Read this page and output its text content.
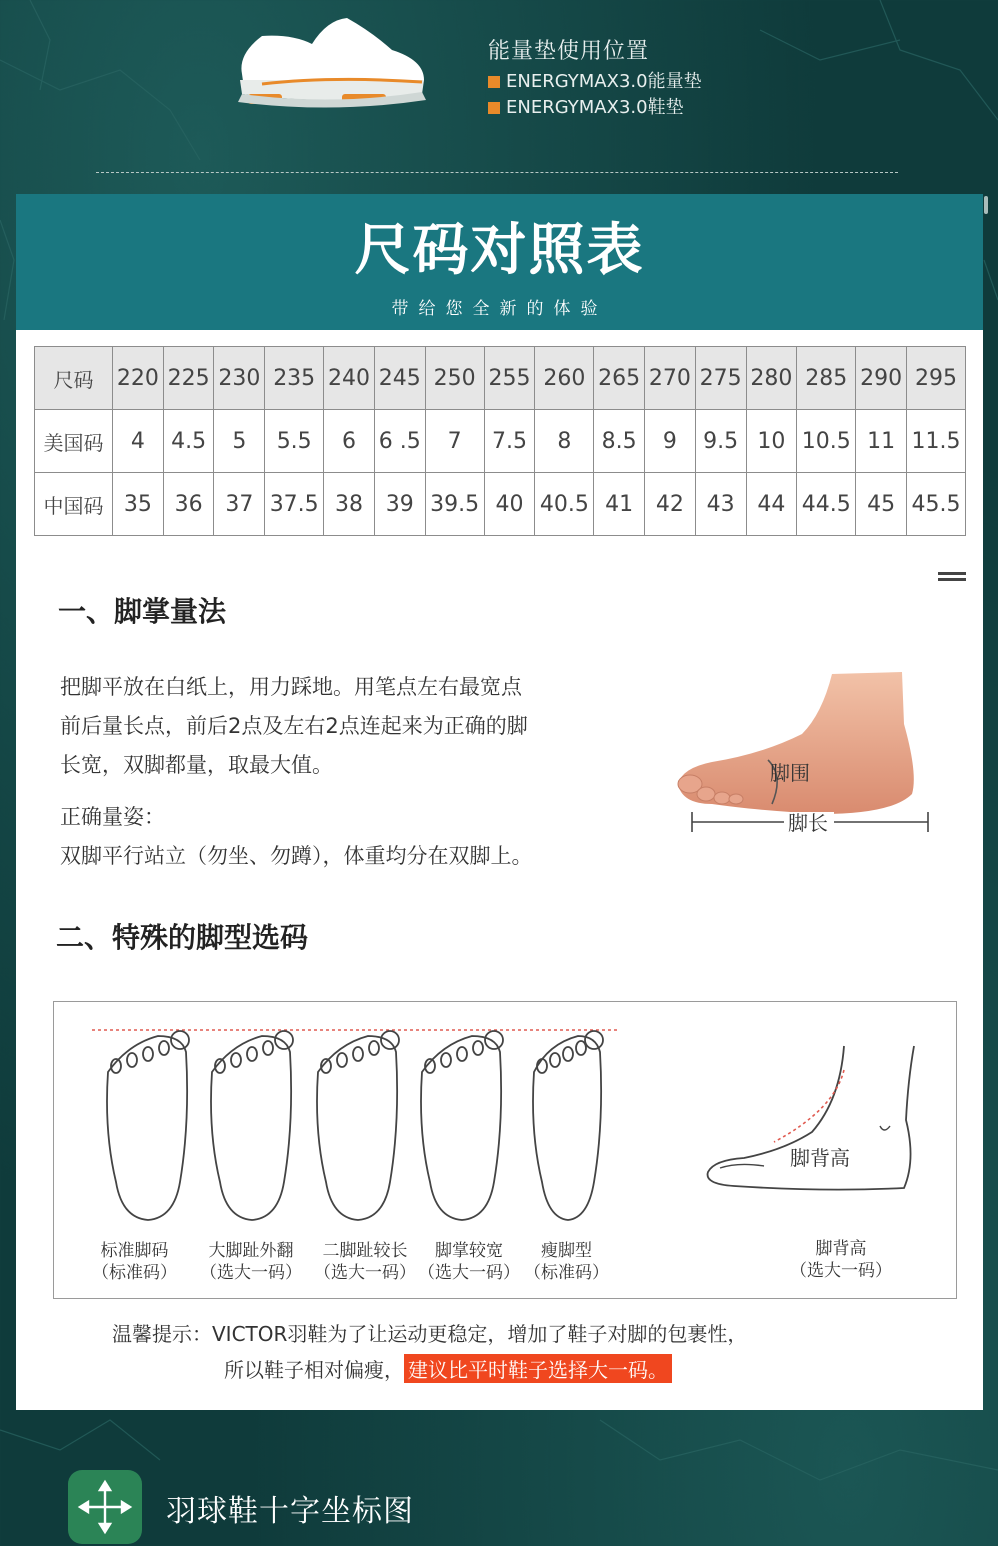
能量垫使用位置
ENERGYMAX3.0能量垫
ENERGYMAX3.0鞋垫
尺码对照表
带给您全新的体验
尺码	220	225	230	235	240	245	250	255	260	265	270	275	280	285	290	295
美国码	4	4.5	5	5.5	6	6 .5	7	7.5	8	8.5	9	9.5	10	10.5	11	11.5
中国码	35	36	37	37.5	38	39	39.5	40	40.5	41	42	43	44	44.5	45	45.5
一、脚掌量法
把脚平放在白纸上，用力踩地。用笔点左右最宽点
前后量长点，前后2点及左右2点连起来为正确的脚
长宽，双脚都量，取最大值。
正确量姿：
双脚平行站立（勿坐、勿蹲），体重均分在双脚上。
脚围
脚长
二、特殊的脚型选码
标准脚码
（标准码）
大脚趾外翻
（选大一码）
二脚趾较长
（选大一码）
脚掌较宽
（选大一码）
瘦脚型
（标准码）
脚背高
脚背高
（选大一码）
温馨提示：VICTOR羽鞋为了让运动更稳定，增加了鞋子对脚的包裹性，
所以鞋子相对偏瘦， 建议比平时鞋子选择大一码。
羽球鞋十字坐标图
